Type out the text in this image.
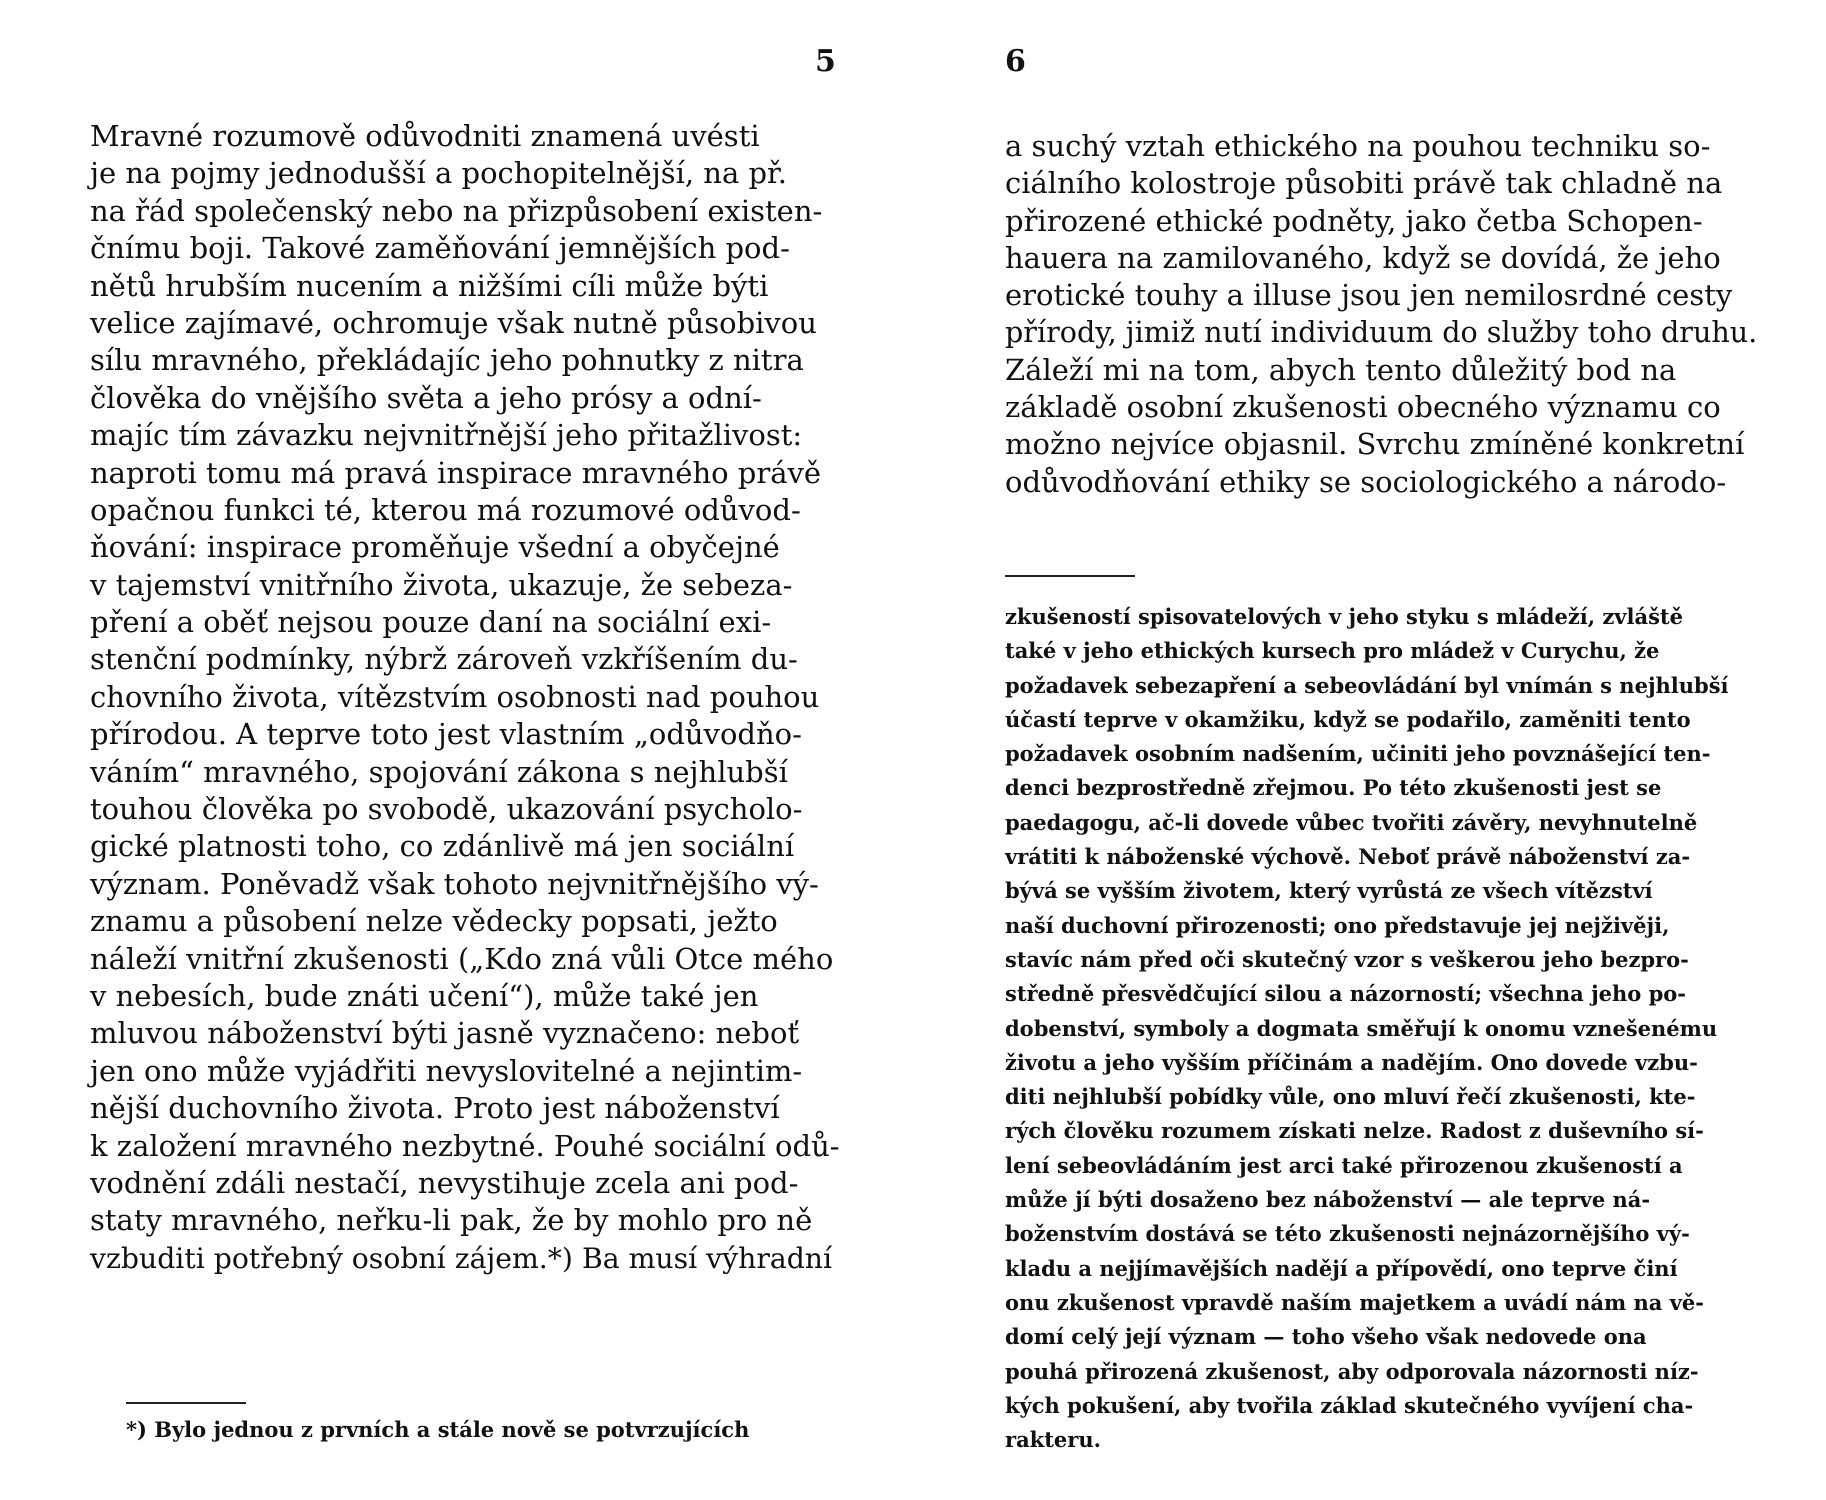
5
Mravné rozumově odůvodniti znamená uvésti
je na pojmy jednodušší a pochopitelnější, na př.
na řád společenský nebo na přizpůsobení existen-
čnímu boji. Takové zaměňování jemnějších pod-
nětů hrubším nucením a nižšími cíli může býti
velice zajímavé, ochromuje však nutně působivou
sílu mravného, překládajíc jeho pohnutky z nitra
člověka do vnějšího světa a jeho prósy a odní-
majíc tím závazku nejvnitřnější jeho přitažlivost:
naproti tomu má pravá inspirace mravného právě
opačnou funkci té, kterou má rozumové odůvod-
ňování: inspirace proměňuje všední a obyčejné
v tajemství vnitřního života, ukazuje, že sebeza-
pření a oběť nejsou pouze daní na sociální exi-
stenční podmínky, nýbrž zároveň vzkříšením du-
chovního života, vítězstvím osobnosti nad pouhou
přírodou. A teprve toto jest vlastním „odůvodňo-
váním“ mravného, spojování zákona s nejhlubší
touhou člověka po svobodě, ukazování psycholo-
gické platnosti toho, co zdánlivě má jen sociální
význam. Poněvadž však tohoto nejvnitřnějšího vý-
znamu a působení nelze vědecky popsati, ježto
náleží vnitřní zkušenosti („Kdo zná vůli Otce mého
v nebesích, bude znáti učení“), může také jen
mluvou náboženství býti jasně vyznačeno: neboť
jen ono může vyjádřiti nevyslovitelné a nejintim-
nější duchovního života. Proto jest náboženství
k založení mravného nezbytné. Pouhé sociální odů-
vodnění zdáli nestačí, nevystihuje zcela ani pod-
staty mravného, neřku-li pak, že by mohlo pro ně
vzbuditi potřebný osobní zájem.*) Ba musí výhradní
*) Bylo jednou z prvních a stále nově se potvrzujících
6
a suchý vztah ethického na pouhou techniku so-
ciálního kolostroje působiti právě tak chladně na
přirozené ethické podněty, jako četba Schopen-
hauera na zamilovaného, když se dovídá, že jeho
erotické touhy a illuse jsou jen nemilosrdné cesty
přírody, jimiž nutí individuum do služby toho druhu.
Záleží mi na tom, abych tento důležitý bod na
základě osobní zkušenosti obecného významu co
možno nejvíce objasnil. Svrchu zmíněné konkretní
odůvodňování ethiky se sociologického a národo-
zkušeností spisovatelových v jeho styku s mládeží, zvláště
také v jeho ethických kursech pro mládež v Curychu, že
požadavek sebezapření a sebeovládání byl vnímán s nejhlubší
účastí teprve v okamžiku, když se podařilo, zaměniti tento
požadavek osobním nadšením, učiniti jeho povznášející ten-
denci bezprostředně zřejmou. Po této zkušenosti jest se
paedagogu, ač-li dovede vůbec tvořiti závěry, nevyhnutelně
vrátiti k náboženské výchově. Neboť právě náboženství za-
bývá se vyšším životem, který vyrůstá ze všech vítězství
naší duchovní přirozenosti; ono představuje jej nejživěji,
stavíc nám před oči skutečný vzor s veškerou jeho bezpro-
středně přesvědčující silou a názorností; všechna jeho po-
dobenství, symboly a dogmata směřují k onomu vznešenému
životu a jeho vyšším příčinám a nadějím. Ono dovede vzbu-
diti nejhlubší pobídky vůle, ono mluví řečí zkušenosti, kte-
rých člověku rozumem získati nelze. Radost z duševního sí-
lení sebeovládáním jest arci také přirozenou zkušeností a
může jí býti dosaženo bez náboženství — ale teprve ná-
boženstvím dostává se této zkušenosti nejnázornějšího vý-
kladu a nejjímavějších nadějí a přípovědí, ono teprve činí
onu zkušenost vpravdě naším majetkem a uvádí nám na vě-
domí celý její význam — toho všeho však nedovede ona
pouhá přirozená zkušenost, aby odporovala názornosti níz-
kých pokušení, aby tvořila základ skutečného vyvíjení cha-
rakteru.
